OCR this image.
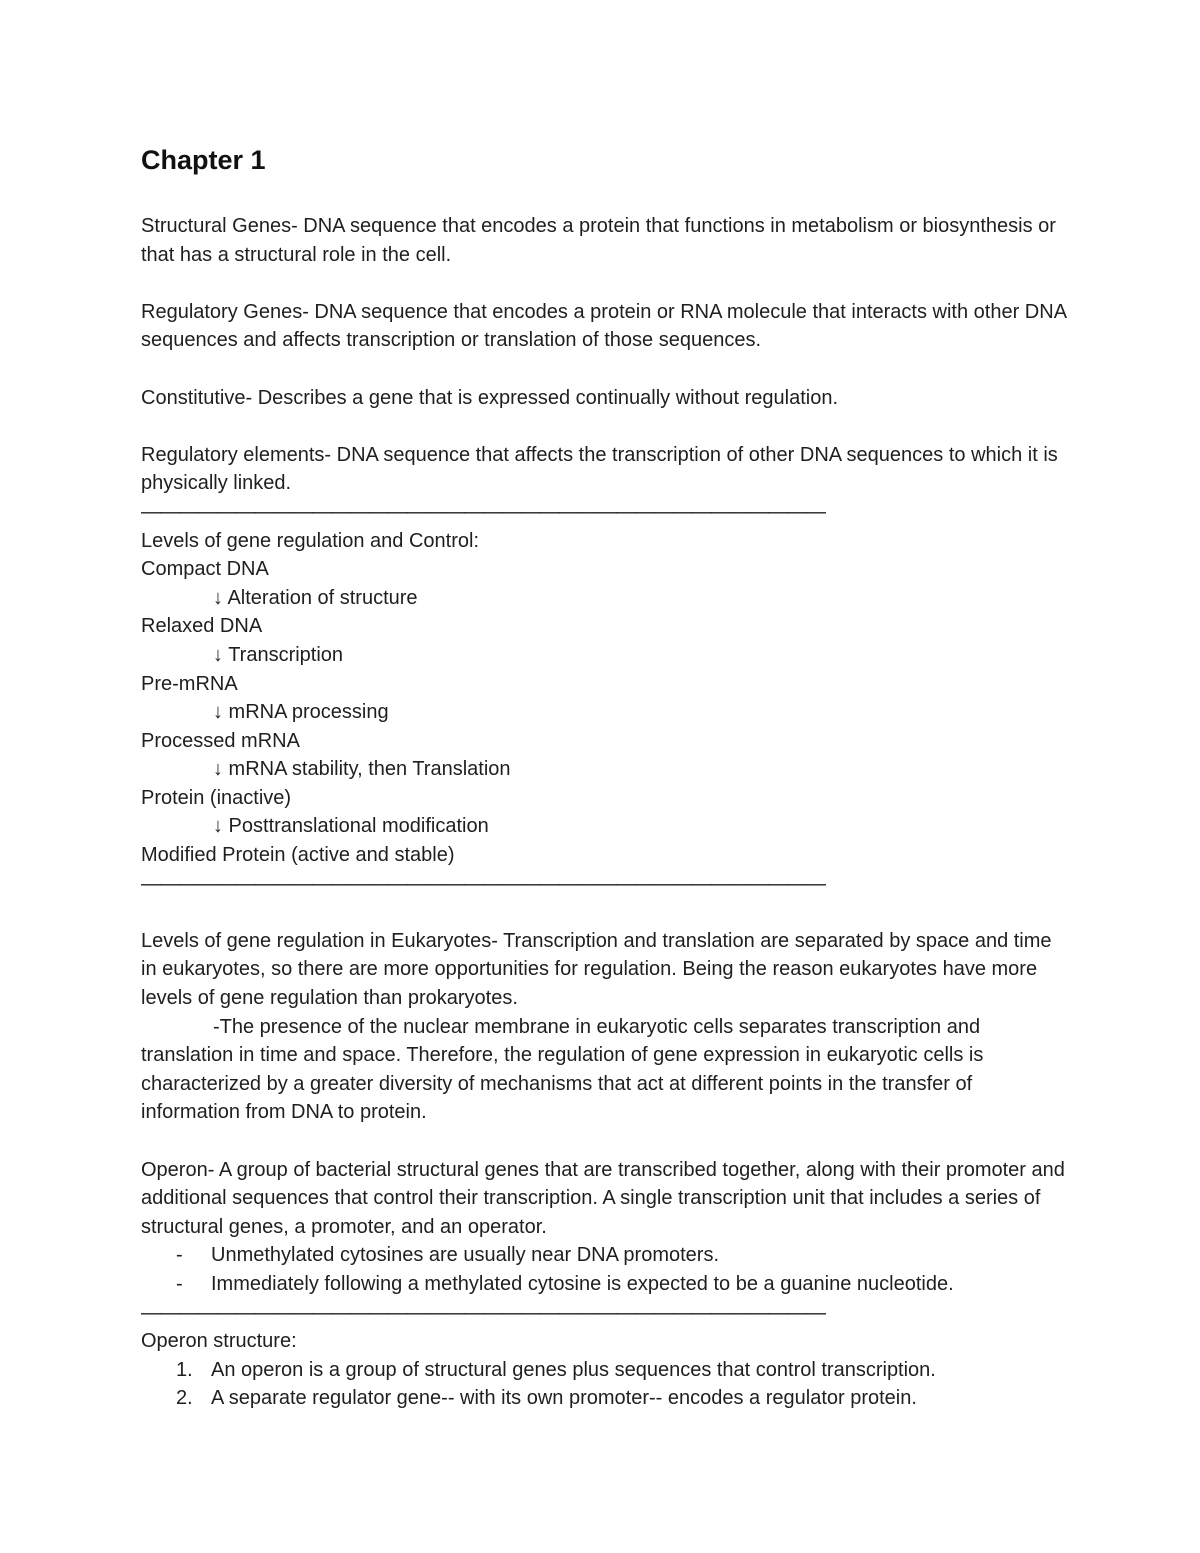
Chapter 1

Structural Genes- DNA sequence that encodes a protein that functions in metabolism or biosynthesis or that has a structural role in the cell.

Regulatory Genes- DNA sequence that encodes a protein or RNA molecule that interacts with other DNA sequences and affects transcription or translation of those sequences.

Constitutive- Describes a gene that is expressed continually without regulation.

Regulatory elements- DNA sequence that affects the transcription of other DNA sequences to which it is physically linked.

————————————————————————————————————

Levels of gene regulation and Control:

Compact DNA

↓ Alteration of structure

Relaxed DNA

↓ Transcription

Pre-mRNA

↓ mRNA processing

Processed mRNA

↓ mRNA stability, then Translation

Protein (inactive)

↓ Posttranslational modification

Modified Protein (active and stable)

————————————————————————————————————

Levels of gene regulation in Eukaryotes- Transcription and translation are separated by space and time in eukaryotes, so there are more opportunities for regulation. Being the reason eukaryotes have more levels of gene regulation than prokaryotes.

-The presence of the nuclear membrane in eukaryotic cells separates transcription and translation in time and space. Therefore, the regulation of gene expression in eukaryotic cells is characterized by a greater diversity of mechanisms that act at different points in the transfer of information from DNA to protein.

Operon- A group of bacterial structural genes that are transcribed together, along with their promoter and additional sequences that control their transcription. A single transcription unit that includes a series of structural genes, a promoter, and an operator.

-	Unmethylated cytosines are usually near DNA promoters.
-	Immediately following a methylated cytosine is expected to be a guanine nucleotide.
————————————————————————————————————

Operon structure:

1. An operon is a group of structural genes plus sequences that control transcription.
2. A separate regulator gene-- with its own promoter-- encodes a regulator protein.
